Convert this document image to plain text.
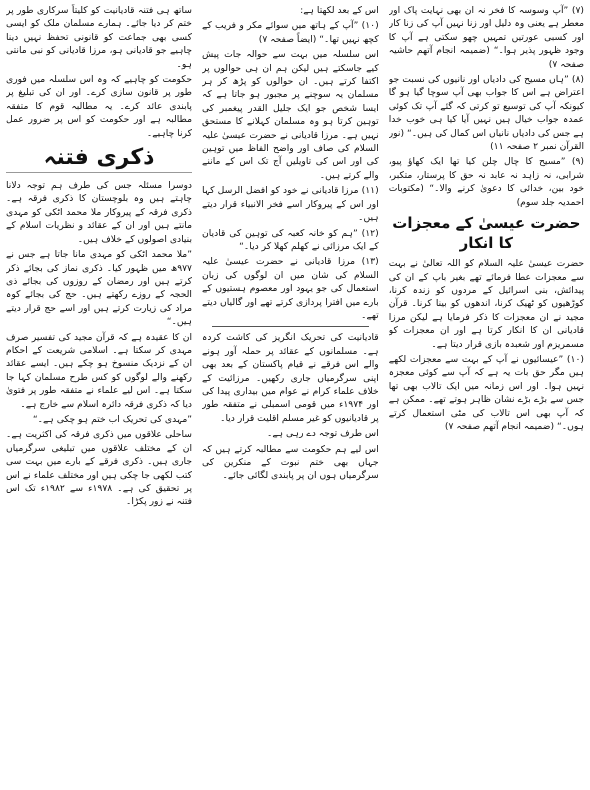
(۷) ”آپ وسوسہ کا فخر نہ ان بھی نہایت پاک اور معطر ہے یعنی وہ دلیل اور زنا نہیں آپ کی زنا کار اور کسبی عورتیں تمہیں چھو سکتی ہے آپ کا وجود ظہور پذیر ہوا۔“ (ضمیمہ انجام آتھم حاشیہ صفحہ ۷)

(۸) ”ہاں مسیح کی دادیاں اور نانیوں کی نسبت جو اعتراض ہے اس کا جواب بھی آپ سوچا گیا ہو گا کیونکہ آپ کی توسیع تو کرتی کہ گئے آپ تک کوئی عمدہ جواب خیال ہیں نہیں آیا کیا ہی خوب خدا ہے جس کی دادیاں نانیاں اس کمال کی ہیں۔“ (نور القرآن نمبر ۲ صفحہ ۱۱)

(۹) ”مسیح کا چال چلن کیا تھا ایک کھاؤ پیو، شرابی، نہ زاہد نہ عابد نہ حق کا پرستار، متکبر، خود بین، خدائی کا دعویٰ کرنے والا۔“ (مکتوبات احمدیہ جلد سوم)

حضرت عیسیٰ کے معجزات کا انکار

حضرت عیسیٰ علیہ السلام کو اللہ تعالیٰ نے بہت سے معجزات عطا فرمائے تھے بغیر باپ کے ان کی پیدائش، بنی اسرائیل کے مردوں کو زندہ کرنا، کوڑھیوں کو ٹھیک کرنا، اندھوں کو بینا کرنا۔ قرآن مجید نے ان معجزات کا ذکر فرمایا ہے لیکن مرزا قادیانی ان کا انکار کرتا ہے اور ان معجزات کو مسمریزم اور شعبدہ بازی قرار دیتا ہے۔

(۱۰) ”عیسائیوں نے آپ کے بہت سے معجزات لکھے ہیں مگر حق بات یہ ہے کہ آپ سے کوئی معجزہ نہیں ہوا۔ اور اس زمانہ میں ایک تالاب بھی تھا جس سے بڑے بڑے نشان ظاہر ہوتے تھے۔ ممکن ہے کہ آپ بھی اس تالاب کی مٹی استعمال کرتے ہوں۔“ (ضمیمہ انجام آتھم صفحہ ۷)

اس کے بعد لکھتا ہے:

(۱۰) ”آپ کے ہاتھ میں سوائے مکر و فریب کے کچھ نہیں تھا۔“ (ایضاً صفحہ ۷)

اس سلسلہ میں بہت سے حوالہ جات پیش کیے جاسکتے ہیں لیکن ہم ان ہی حوالوں پر اکتفا کرتے ہیں۔ ان حوالوں کو پڑھ کر ہر مسلمان یہ سوچنے پر مجبور ہو جاتا ہے کہ ایسا شخص جو ایک جلیل القدر پیغمبر کی توہین کرتا ہو وہ مسلمان کہلانے کا مستحق نہیں ہے۔ مرزا قادیانی نے حضرت عیسیٰ علیہ السلام کی صاف اور واضح الفاظ میں توہین کی اور اس کی تاویلیں آج تک اس کے ماننے والے کرتے ہیں۔

(۱۱) مرزا قادیانی نے خود کو افضل الرسل کہا اور اس کے پیروکار اسے فخر الانبیاء قرار دیتے ہیں۔

(۱۲) ”ہم کو خانہ کعبہ کی توہین کی قادیان کے ایک مرزائی نے کھلم کھلا کر دیا۔“

(۱۳) مرزا قادیانی نے حضرت عیسیٰ علیہ السلام کی شان میں ان لوگوں کی زبان استعمال کی جو یہود اور معصوم ہستیوں کے بارے میں افترا پردازی کرتے تھے اور گالیاں دیتے تھے۔

قادیانیت کی تحریک انگریز کی کاشت کردہ ہے۔ مسلمانوں کے عقائد پر حملہ آور ہونے والے اس فرقے نے قیام پاکستان کے بعد بھی اپنی سرگرمیاں جاری رکھیں۔ مرزائیت کے خلاف علماء کرام نے عوام میں بیداری پیدا کی اور ۱۹۷۴ء میں قومی اسمبلی نے متفقہ طور پر قادیانیوں کو غیر مسلم اقلیت قرار دیا۔

اس طرف توجہ دے رہی ہے۔

اس لیے ہم حکومت سے مطالبہ کرتے ہیں کہ جہاں بھی ختم نبوت کے منکرین کی سرگرمیاں ہوں ان پر پابندی لگائی جائے۔

ساتھ ہی فتنہ قادیانیت کو کلیتاً سرکاری طور پر ختم کر دیا جائے۔ ہمارے مسلمان ملک کو ایسی کسی بھی جماعت کو قانونی تحفظ نہیں دینا چاہیے جو قادیانی ہو، مرزا قادیانی کو نبی مانتی ہو۔

حکومت کو چاہیے کہ وہ اس سلسلہ میں فوری طور پر قانون سازی کرے۔ اور ان کی تبلیغ پر پابندی عائد کرے۔ یہ مطالبہ قوم کا متفقہ مطالبہ ہے اور حکومت کو اس پر ضرور عمل کرنا چاہیے۔

ذکری فتنہ

دوسرا مسئلہ جس کی طرف ہم توجہ دلانا چاہتے ہیں وہ بلوچستان کا ذکری فرقہ ہے۔ ذکری فرقہ کے پیروکار ملا محمد اٹکی کو مہدی مانتے ہیں اور ان کے عقائد و نظریات اسلام کے بنیادی اصولوں کے خلاف ہیں۔

”ملا محمد اٹکی کو مہدی مانا جاتا ہے جس نے ۹۷۷ھ میں ظہور کیا۔ ذکری نماز کی بجائے ذکر کرتے ہیں اور رمضان کے روزوں کی بجائے ذی الحجہ کے روزے رکھتے ہیں۔ حج کی بجائے کوہ مراد کی زیارت کرتے ہیں اور اسے حج قرار دیتے ہیں۔“

ان کا عقیدہ ہے کہ قرآن مجید کی تفسیر صرف مہدی کر سکتا ہے۔ اسلامی شریعت کے احکام ان کے نزدیک منسوخ ہو چکے ہیں۔ ایسے عقائد رکھنے والے لوگوں کو کس طرح مسلمان کہا جا سکتا ہے۔ اس لیے علماء نے متفقہ طور پر فتویٰ دیا کہ ذکری فرقہ دائرہ اسلام سے خارج ہے۔

”مہدی کی تحریک اب ختم ہو چکی ہے۔“

ساحلی علاقوں میں ذکری فرقہ کی اکثریت ہے۔ ان کے مختلف علاقوں میں تبلیغی سرگرمیاں جاری ہیں۔ ذکری فرقے کے بارے میں بہت سی کتب لکھی جا چکی ہیں اور مختلف علماء نے اس پر تحقیق کی ہے۔ ۱۹۷۸ء سے ۱۹۸۲ء تک اس فتنہ نے زور پکڑا۔
